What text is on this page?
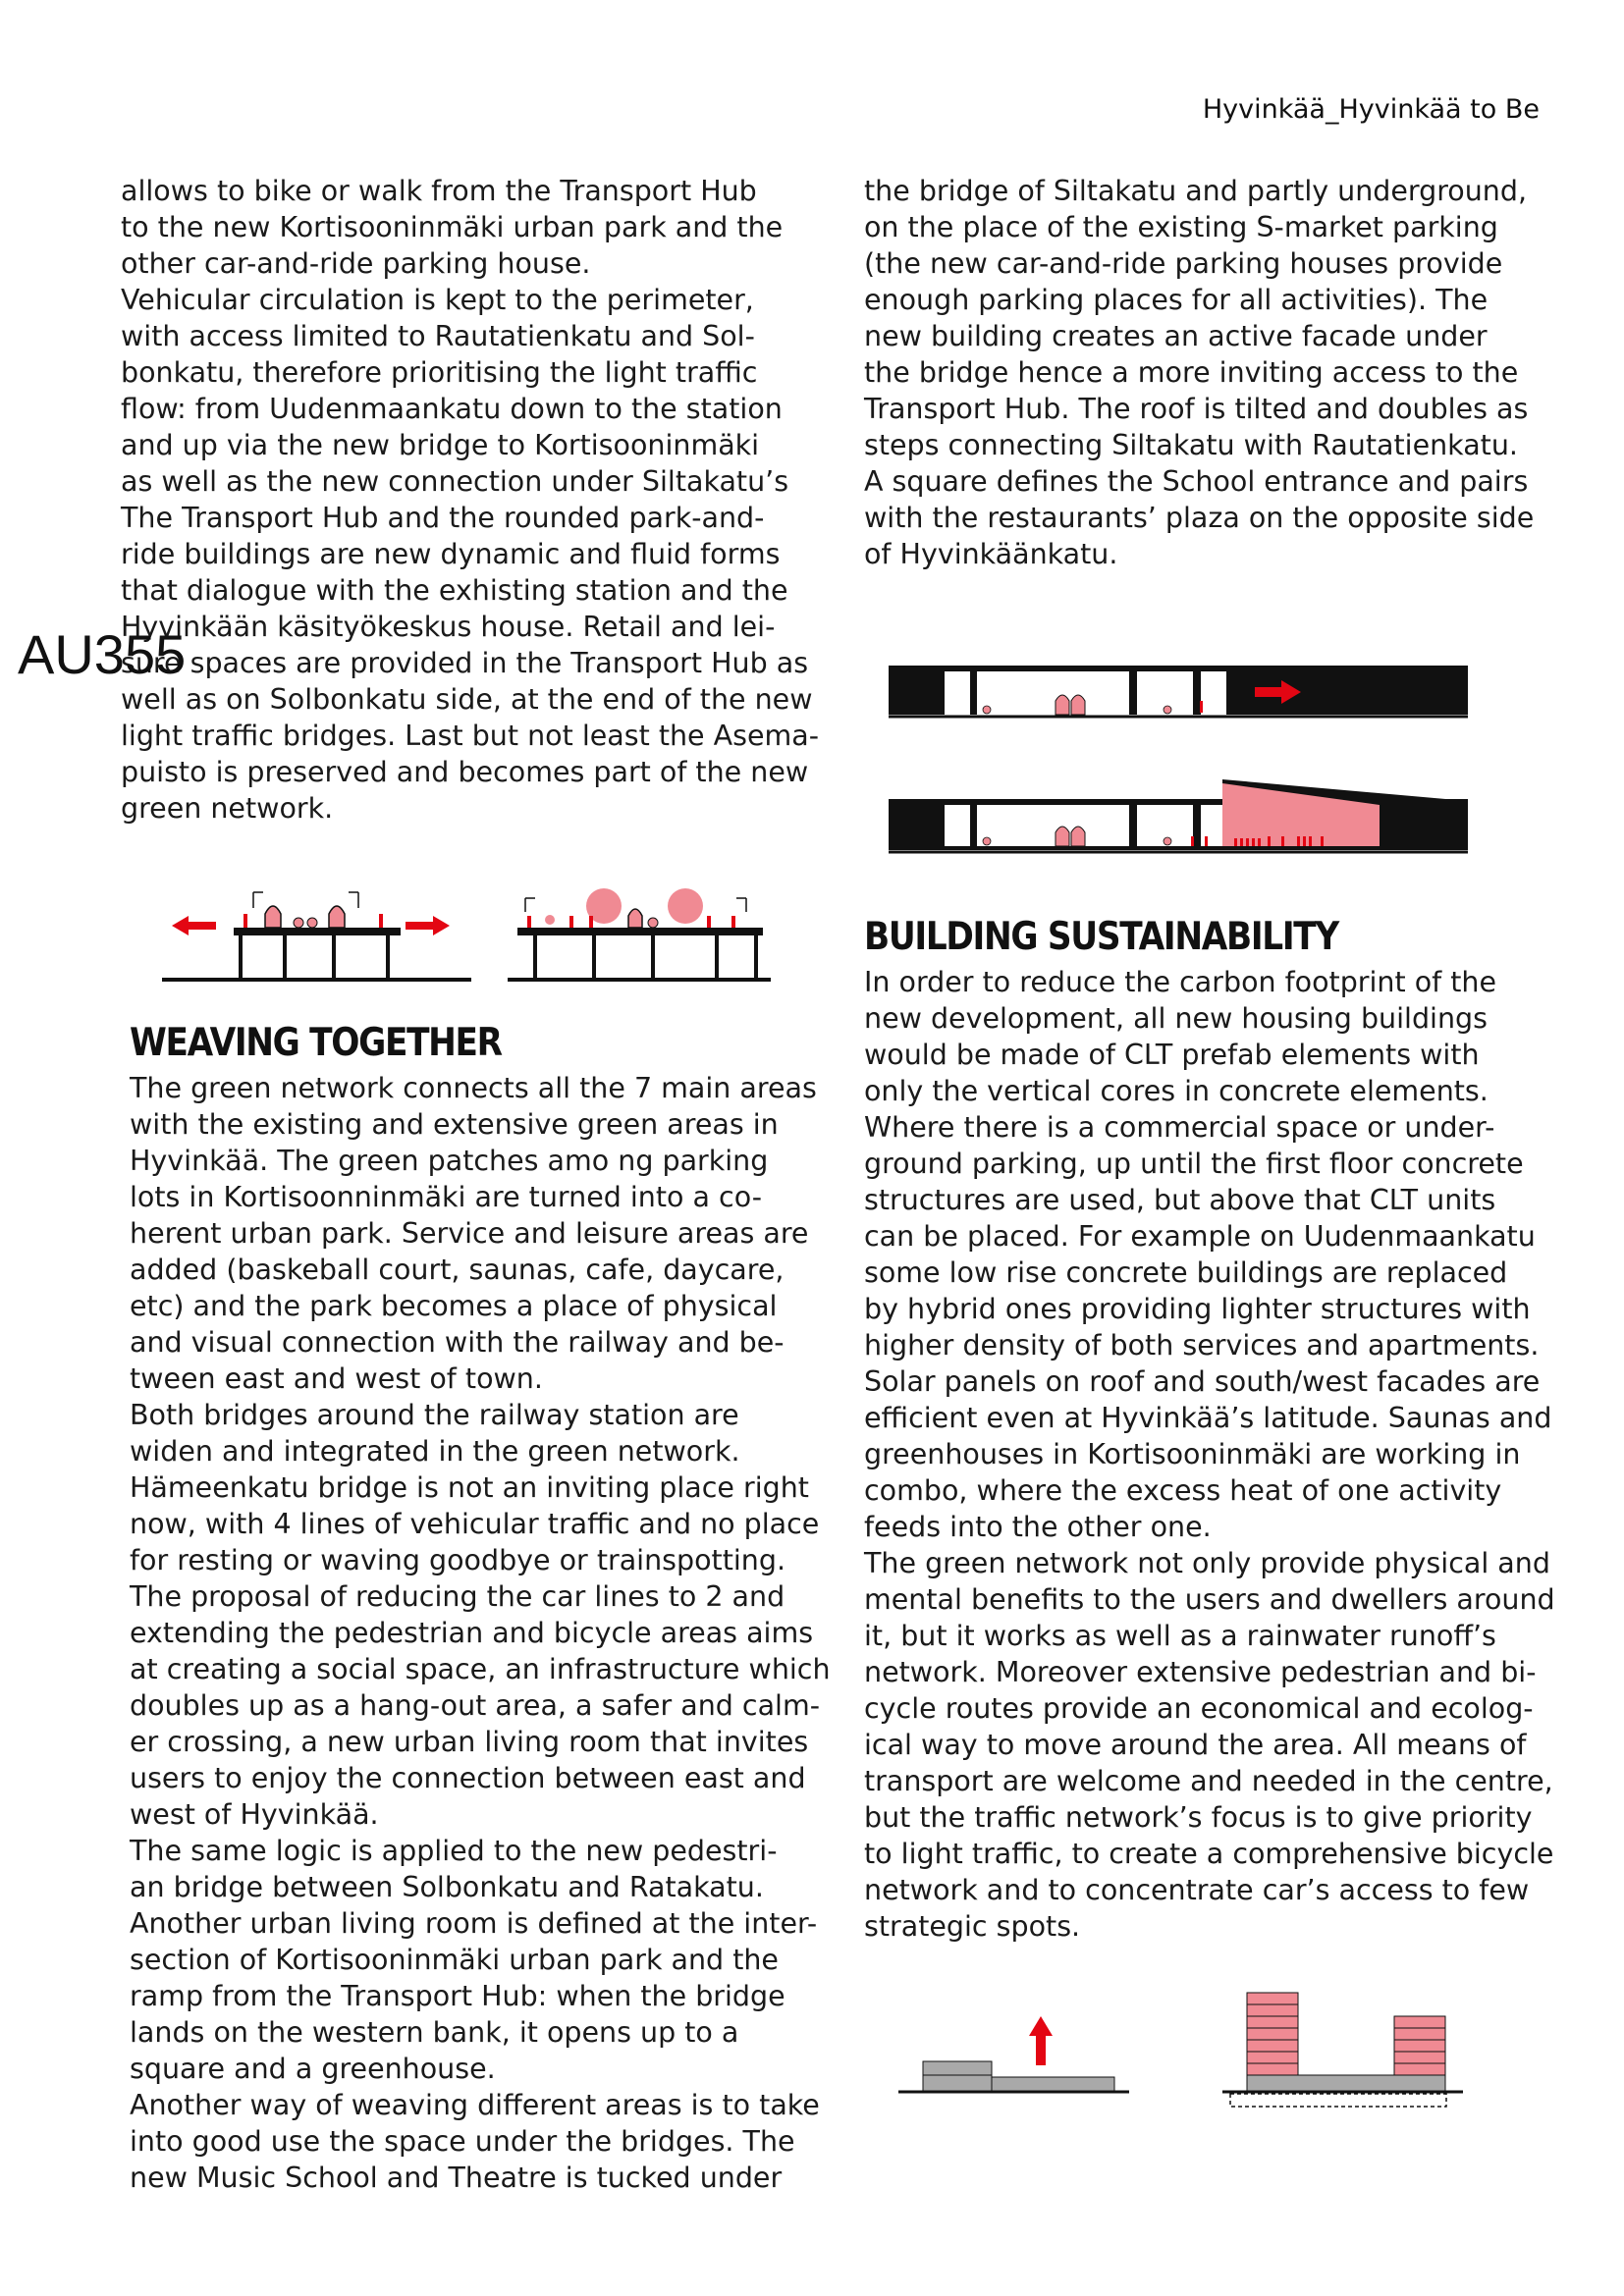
Hyvinkää_Hyvinkää to Be

allows to bike or walk from the Transport Hub

to the new Kortisooninmäki urban park and the

other car-and-ride parking house.

Vehicular circulation is kept to the perimeter,

with access limited to Rautatienkatu and Sol-

bonkatu, therefore prioritising the light traffic

flow: from Uudenmaankatu down to the station

and up via the new bridge to Kortisooninmäki

as well as the new connection under Siltakatu’s

The Transport Hub and the rounded park-and-

ride buildings are new dynamic and fluid forms

that dialogue with the exhisting station and the

Hyvinkään käsityökeskus house. Retail and lei-

sure spaces are provided in the Transport Hub as

well as on Solbonkatu side, at the end of the new

light traffic bridges. Last but not least the Asema-

puisto is preserved and becomes part of the new

green network.

AU355
WEAVING TOGETHER

The green network connects all the 7 main areas

with the existing and extensive green areas in

Hyvinkää. The green patches amo ng parking

lots in Kortisoonninmäki are turned into a co-

herent urban park. Service and leisure areas are

added (baskeball court, saunas, cafe, daycare,

etc) and the park becomes a place of physical

and visual connection with the railway and be-

tween east and west of town.

Both bridges around the railway station are

widen and integrated in the green network.

Hämeenkatu bridge is not an inviting place right

now, with 4 lines of vehicular traffic and no place

for resting or waving goodbye or trainspotting.

The proposal of reducing the car lines to 2 and

extending the pedestrian and bicycle areas aims

at creating a social space, an infrastructure which

doubles up as a hang-out area, a safer and calm-

er crossing, a new urban living room that invites

users to enjoy the connection between east and

west of Hyvinkää.

The same logic is applied to the new pedestri-

an bridge between Solbonkatu and Ratakatu.

Another urban living room is defined at the inter-

section of Kortisooninmäki urban park and the

ramp from the Transport Hub: when the bridge

lands on the western bank, it opens up to a

square and a greenhouse.

Another way of weaving different areas is to take

into good use the space under the bridges. The

new Music School and Theatre is tucked under

the bridge of Siltakatu and partly underground,

on the place of the existing S-market parking

(the new car-and-ride parking houses provide

enough parking places for all activities). The

new building creates an active facade under

the bridge hence a more inviting access to the

Transport Hub. The roof is tilted and doubles as

steps connecting Siltakatu with Rautatienkatu.

A square defines the School entrance and pairs

with the restaurants’ plaza on the opposite side

of Hyvinkäänkatu.

BUILDING SUSTAINABILITY

In order to reduce the carbon footprint of the

new development, all new housing buildings

would be made of CLT prefab elements with

only the vertical cores in concrete elements.

Where there is a commercial space or under-

ground parking, up until the first floor concrete

structures are used, but above that CLT units

can be placed. For example on Uudenmaankatu

some low rise concrete buildings are replaced

by hybrid ones providing lighter structures with

higher density of both services and apartments.

Solar panels on roof and south/west facades are

efficient even at Hyvinkää’s latitude. Saunas and

greenhouses in Kortisooninmäki are working in

combo, where the excess heat of one activity

feeds into the other one.

The green network not only provide physical and

mental benefits to the users and dwellers around

it, but it works as well as a rainwater runoff’s

network. Moreover extensive pedestrian and bi-

cycle routes provide an economical and ecolog-

ical way to move around the area. All means of

transport are welcome and needed in the centre,

but the traffic network’s focus is to give priority

to light traffic, to create a comprehensive bicycle

network and to concentrate car’s access to few

strategic spots.
